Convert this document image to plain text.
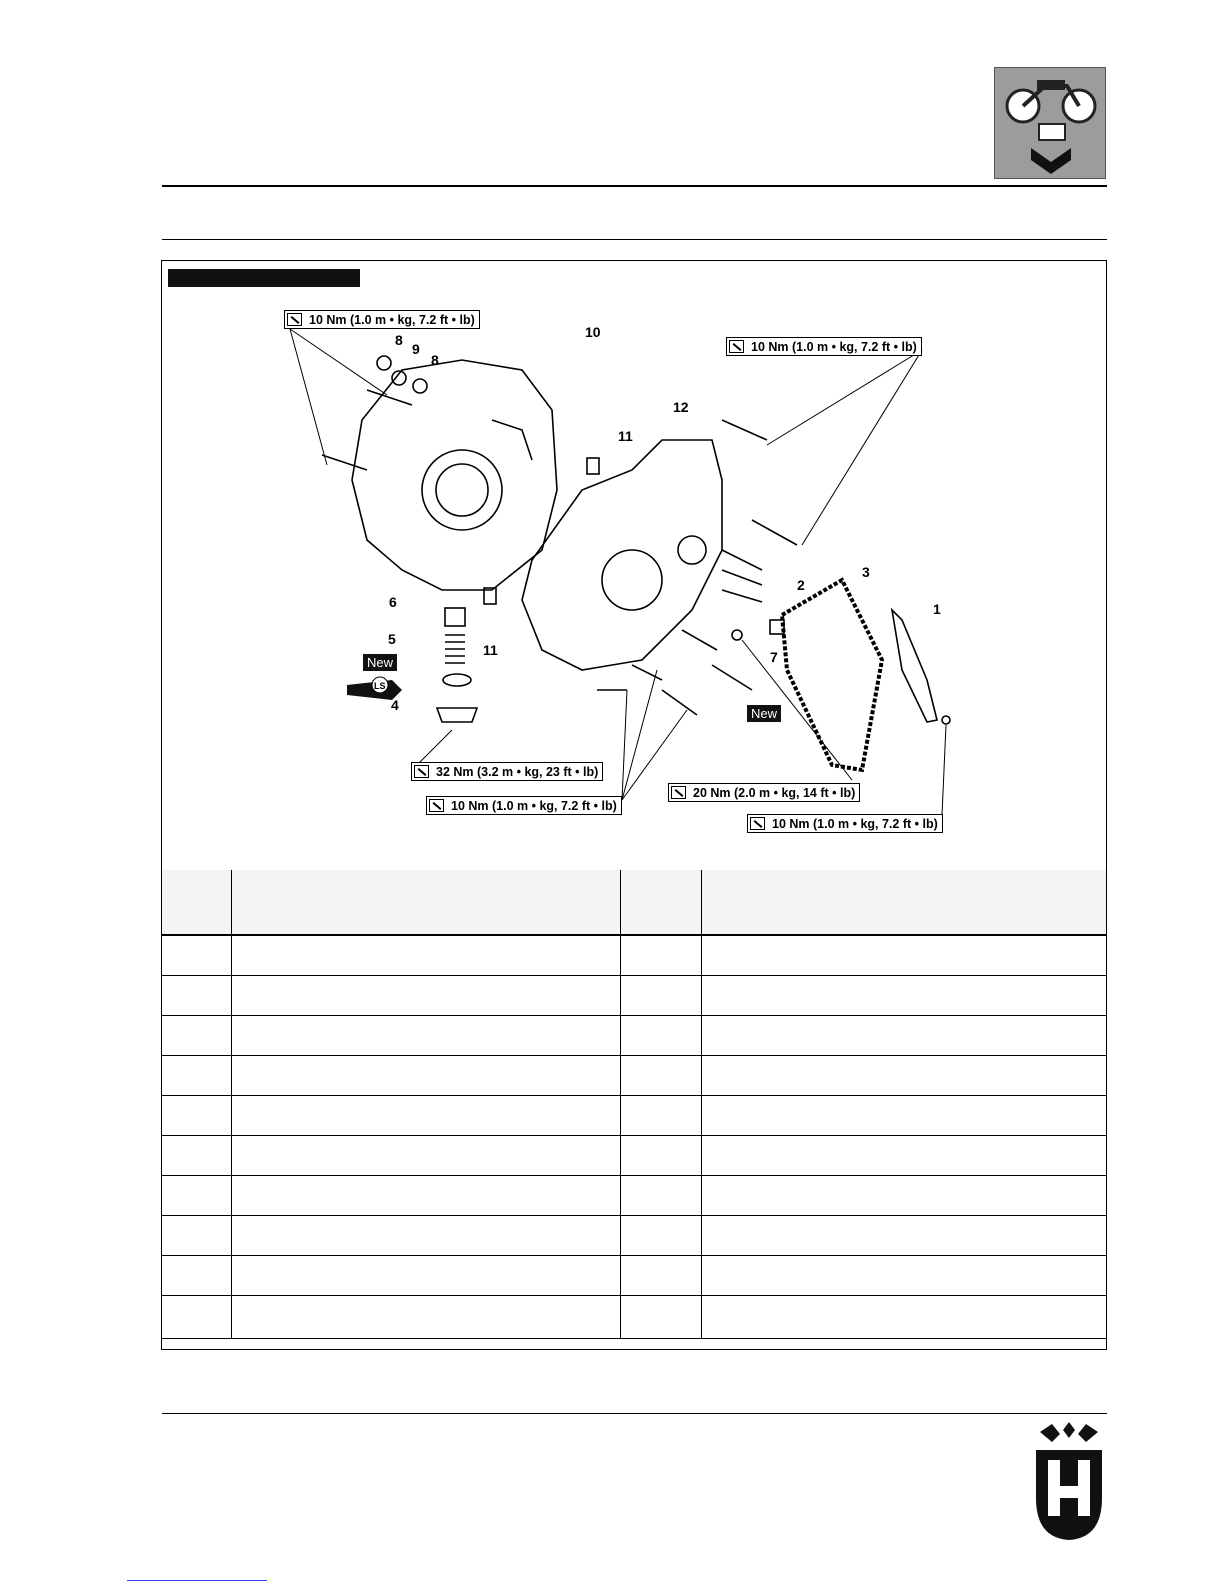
LS
10 Nm (1.0 m • kg, 7.2 ft • lb)
10 Nm (1.0 m • kg, 7.2 ft • lb)
32 Nm (3.2 m • kg, 23 ft • lb)
10 Nm (1.0 m • kg, 7.2 ft • lb)
20 Nm (2.0 m • kg, 14 ft • lb)
10 Nm (1.0 m • kg, 7.2 ft • lb)
New
New
1
2
3
4
5
6
7
8
8
9
10
11
11
12
